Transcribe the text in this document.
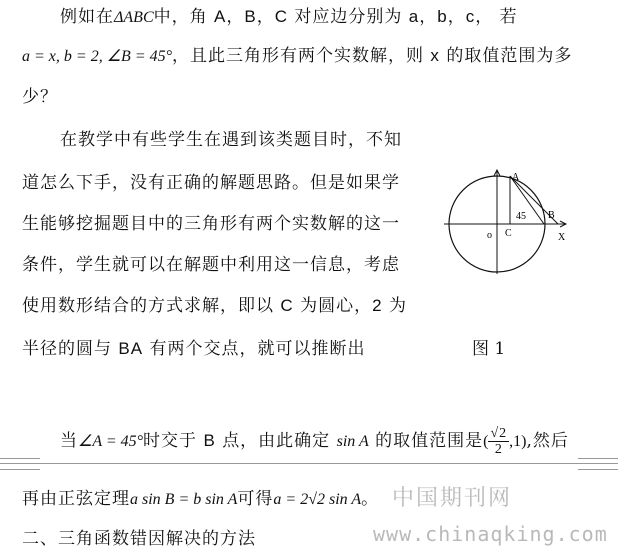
例如在ΔABC中，角 A，B，C 对应边分别为 a，b，c， 若
a = x, b = 2, ∠B = 45°，且此三角形有两个实数解，则 x 的取值范围为多
少？
在教学中有些学生在遇到该类题目时，不知
道怎么下手，没有正确的解题思路。但是如果学
生能够挖掘题目中的三角形有两个实数解的这一
条件，学生就可以在解题中利用这一信息，考虑
使用数形结合的方式求解，即以 C 为圆心，2 为
半径的圆与 BA 有两个交点，就可以推断出
A
B
C
o	X
45
图 1
当∠A = 45°时交于 B 点，由此确定 sin A 的取值范围是( $\frac{√2}{2} ,1$),然后
再由正弦定理a sin B = b sin A可得a = 2√2 sin A。
二、三角函数错因解决的方法
中国期刊网
www.chinaqking.com
